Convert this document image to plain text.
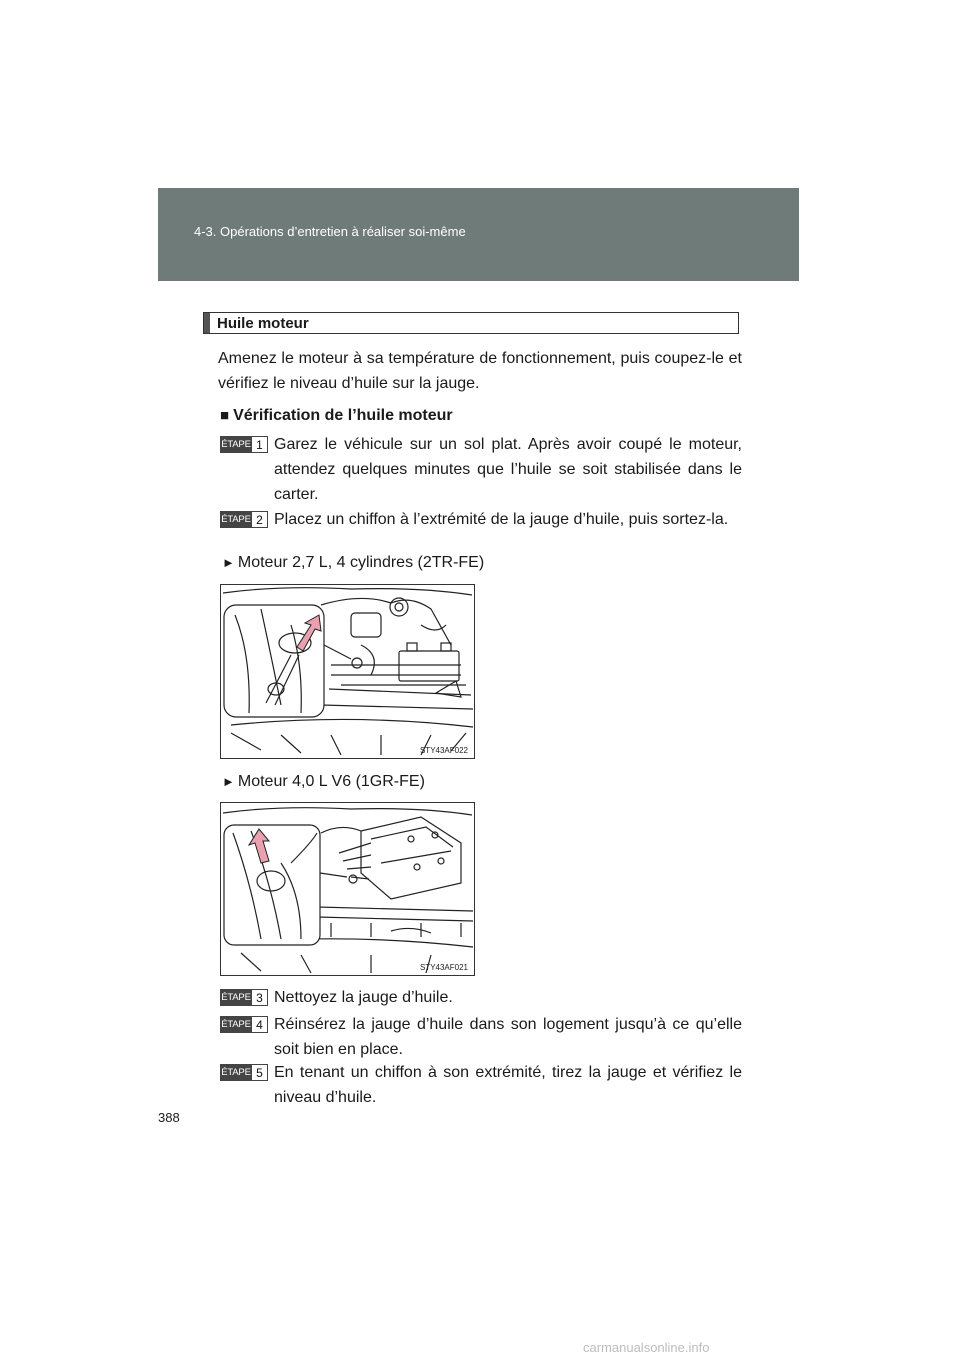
4-3. Opérations d’entretien à réaliser soi-même
Huile moteur
Amenez le moteur à sa température de fonctionnement, puis coupez-le et vérifiez le niveau d’huile sur la jauge.
■ Vérification de l’huile moteur
ÉTAPE 1 Garez le véhicule sur un sol plat. Après avoir coupé le moteur, attendez quelques minutes que l’huile se soit stabilisée dans le carter.
ÉTAPE 2 Placez un chiffon à l’extrémité de la jauge d’huile, puis sortez-la.
► Moteur 2,7 L, 4 cylindres (2TR-FE)
STY43AF022
► Moteur 4,0 L V6 (1GR-FE)
STY43AF021
ÉTAPE 3 Nettoyez la jauge d’huile.
ÉTAPE 4 Réinsérez la jauge d’huile dans son logement jusqu’à ce qu’elle soit bien en place.
ÉTAPE 5 En tenant un chiffon à son extrémité, tirez la jauge et vérifiez le niveau d’huile.
388
carmanualsonline.info
